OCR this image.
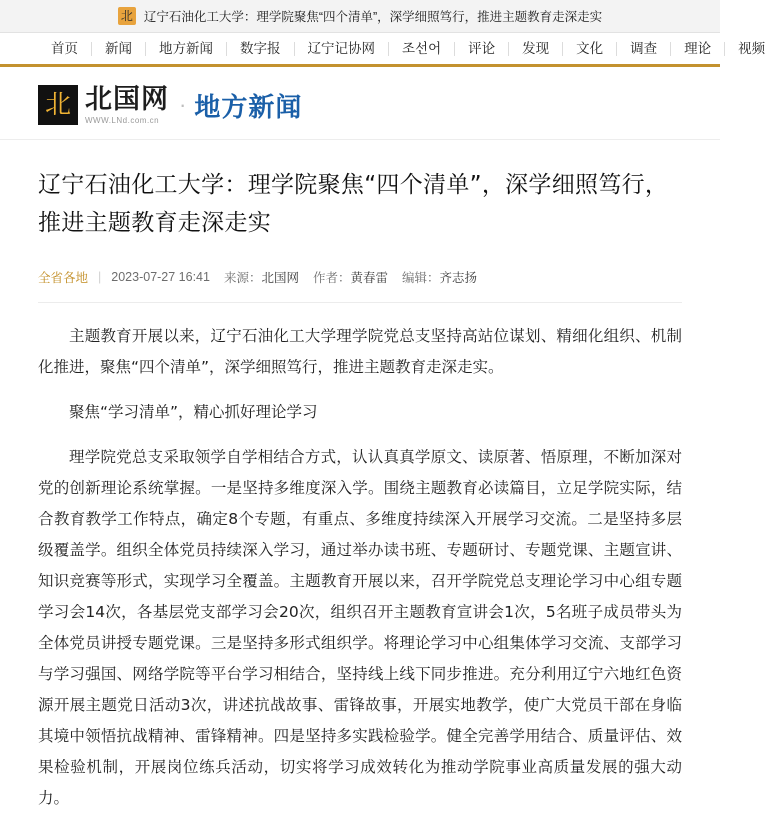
北
辽宁石油化工大学：理学院聚焦“四个清单”，深学细照笃行，推进主题教育走深走实
首页	新闻	地方新闻	数字报	辽宁记协网	조선어	评论	发现	文化	调查	理论	视频
北
北国网
WWW.LNd.com.cn
· 地方新闻
辽宁石油化工大学：理学院聚焦“四个清单”，深学细照笃行，推进主题教育走深走实
全省各地 | 2023-07-27 16:41 来源： 北国网 作者： 黄春雷 编辑： 齐志扬

主题教育开展以来，辽宁石油化工大学理学院党总支坚持高站位谋划、精细化组织、机制化推进，聚焦“四个清单”，深学细照笃行，推进主题教育走深走实。

聚焦“学习清单”，精心抓好理论学习

理学院党总支采取领学自学相结合方式，认认真真学原文、读原著、悟原理，不断加深对党的创新理论系统掌握。一是坚持多维度深入学。围绕主题教育必读篇目，立足学院实际，结合教育教学工作特点，确定8个专题，有重点、多维度持续深入开展学习交流。二是坚持多层级覆盖学。组织全体党员持续深入学习，通过举办读书班、专题研讨、专题党课、主题宣讲、知识竞赛等形式，实现学习全覆盖。主题教育开展以来，召开学院党总支理论学习中心组专题学习会14次，各基层党支部学习会20次，组织召开主题教育宣讲会1次，5名班子成员带头为全体党员讲授专题党课。三是坚持多形式组织学。将理论学习中心组集体学习交流、支部学习与学习强国、网络学院等平台学习相结合，坚持线上线下同步推进。充分利用辽宁六地红色资源开展主题党日活动3次，讲述抗战故事、雷锋故事，开展实地教学，使广大党员干部在身临其境中领悟抗战精神、雷锋精神。四是坚持多实践检验学。健全完善学用结合、质量评估、效果检验机制，开展岗位练兵活动，切实将学习成效转化为推动学院事业高质量发展的强大动力。
